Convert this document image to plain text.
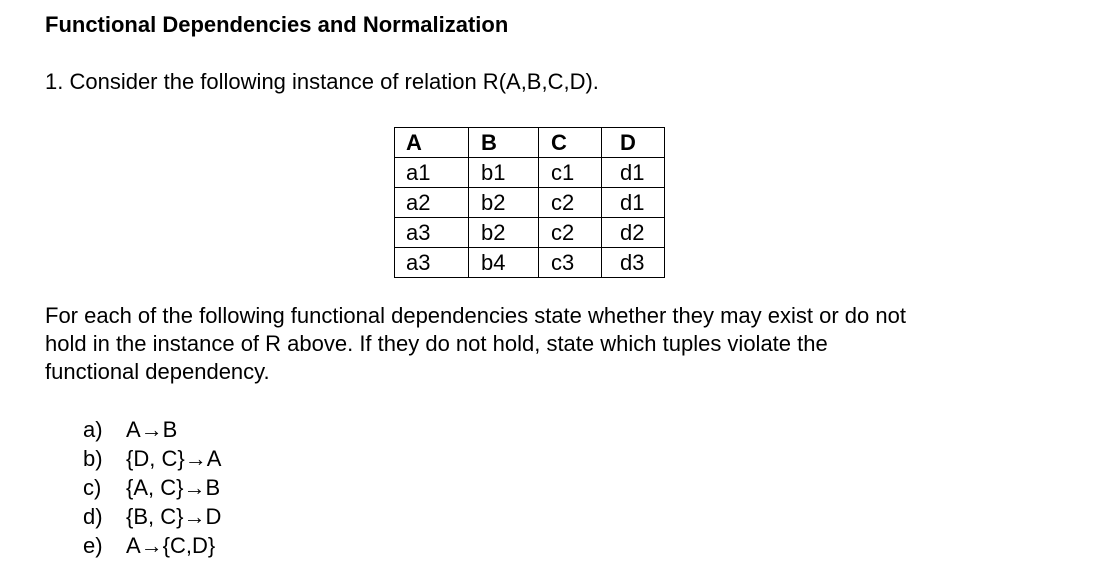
Functional Dependencies and Normalization
1. Consider the following instance of relation R(A,B,C,D).
A	B	C	D
a1	b1	c1	d1
a2	b2	c2	d1
a3	b2	c2	d2
a3	b4	c3	d3
For each of the following functional dependencies state whether they may exist or do not
hold in the instance of R above. If they do not hold, state which tuples violate the
functional dependency.
a) A→B
b) {D, C}→A
c) {A, C}→B
d) {B, C}→D
e) A→{C,D}
